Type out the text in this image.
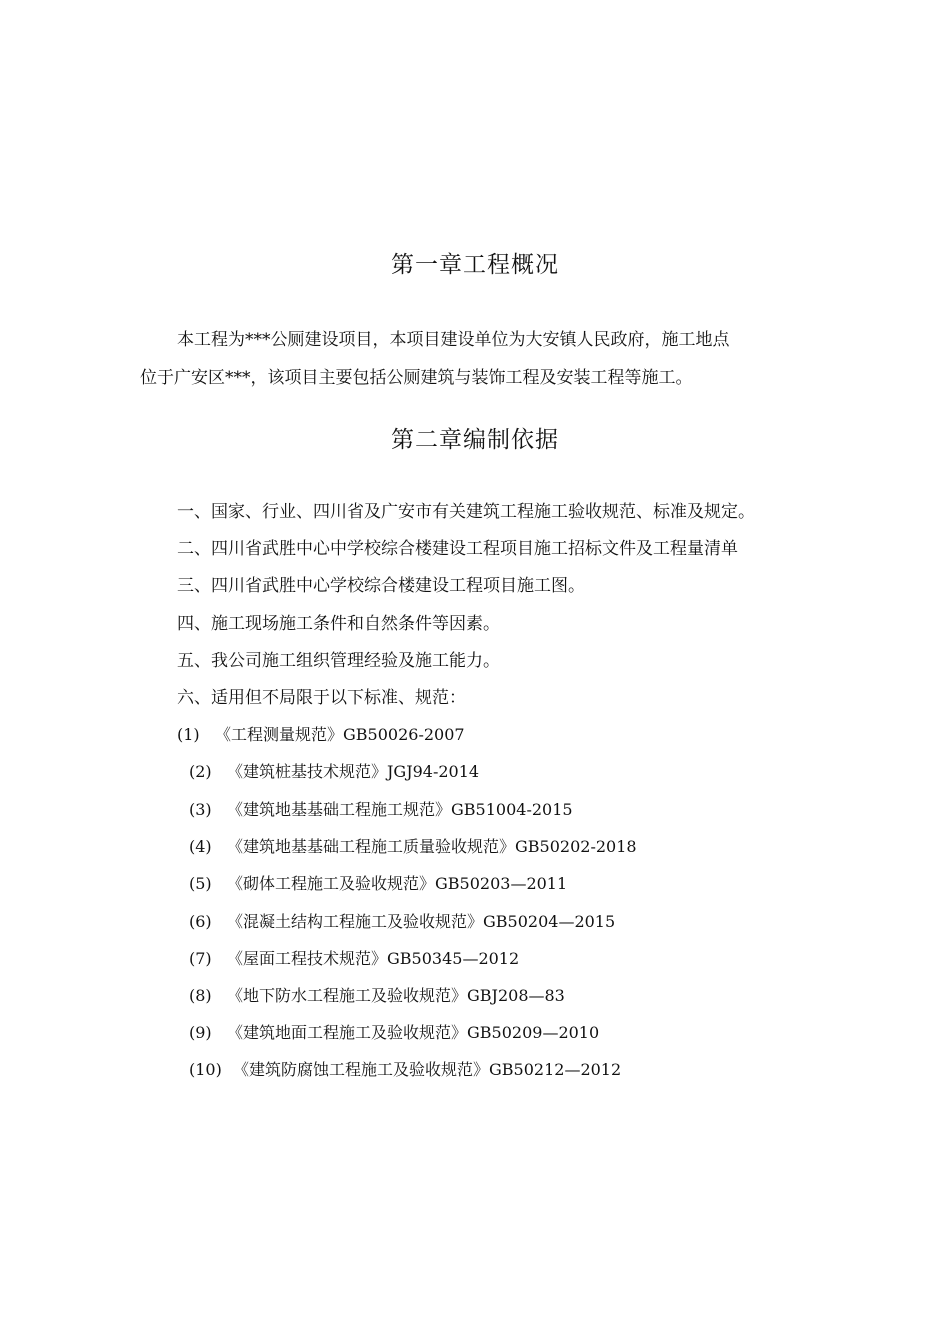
第一章工程概况
本工程为***公厕建设项目，本项目建设单位为大安镇人民政府，施工地点
位于广安区***，该项目主要包括公厕建筑与装饰工程及安装工程等施工。
第二章编制依据
一、国家、行业、四川省及广安市有关建筑工程施工验收规范、标准及规定。
二、四川省武胜中心中学校综合楼建设工程项目施工招标文件及工程量清单
三、四川省武胜中心学校综合楼建设工程项目施工图。
四、施工现场施工条件和自然条件等因素。
五、我公司施工组织管理经验及施工能力。
六、适用但不局限于以下标准、规范：
(1) 《工程测量规范》GB50026-2007
(2) 《建筑桩基技术规范》JGJ94-2014
(3) 《建筑地基基础工程施工规范》GB51004-2015
(4) 《建筑地基基础工程施工质量验收规范》GB50202-2018
(5) 《砌体工程施工及验收规范》GB50203—2011
(6) 《混凝土结构工程施工及验收规范》GB50204—2015
(7) 《屋面工程技术规范》GB50345—2012
(8) 《地下防水工程施工及验收规范》GBJ208—83
(9) 《建筑地面工程施工及验收规范》GB50209—2010
(10) 《建筑防腐蚀工程施工及验收规范》GB50212—2012
